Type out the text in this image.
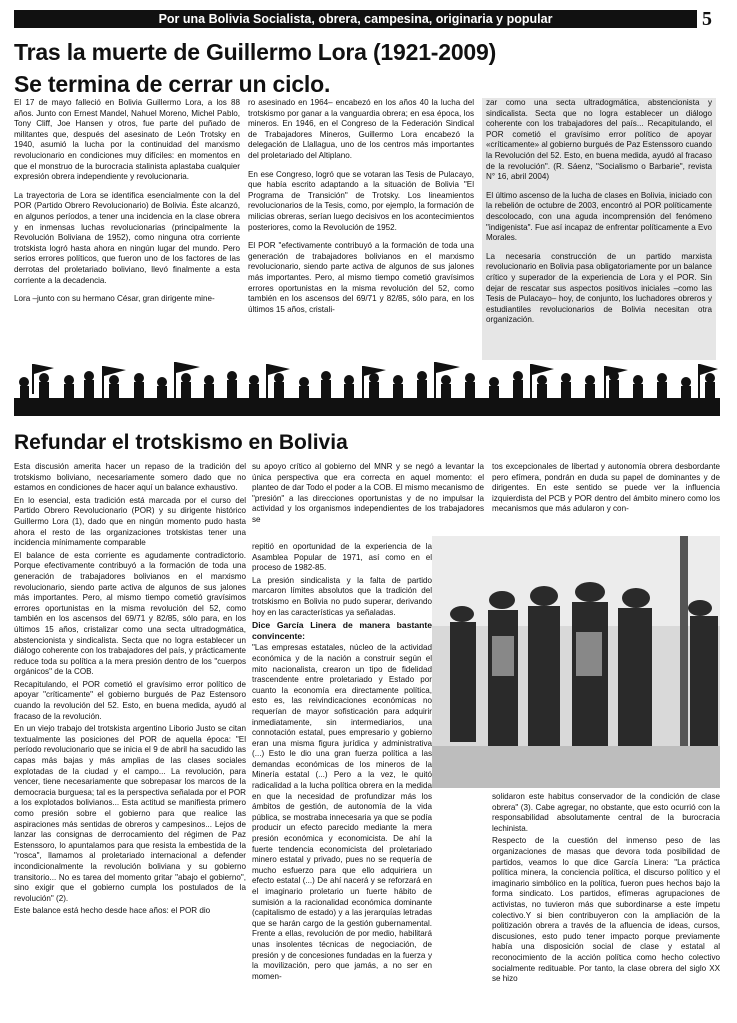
Por una Bolivia Socialista, obrera, campesina, originaria y popular	5
Tras la muerte de Guillermo Lora (1921-2009)
Se termina de cerrar un ciclo.

El 17 de mayo falleció en Bolivia Guillermo Lora, a los 88 años. Junto con Ernest Mandel, Nahuel Moreno, Michel Pablo, Tony Cliff, Joe Hansen y otros, fue parte del puñado de militantes que, después del asesinato de León Trotsky en 1940, asumió la lucha por la continuidad del marxismo revolucionario en condiciones muy difíciles: en momentos en que el monstruo de la burocracia stalinista aplastaba cualquier expresión obrera independiente y revolucionaria.

La trayectoria de Lora se identifica esencialmente con la del POR (Partido Obrero Revolucionario) de Bolivia. Éste alcanzó, en algunos períodos, a tener una incidencia en la clase obrera y en inmensas luchas revolucionarias (principalmente la Revolución Boliviana de 1952), como ninguna otra corriente trotskista logró hasta ahora en ningún lugar del mundo. Pero serios errores políticos, que fueron uno de los factores de las derrotas del proletariado boliviano, llevó finalmente a esta corriente a la decadencia.

Lora –junto con su hermano César, gran dirigente mine-

ro asesinado en 1964– encabezó en los años 40 la lucha del trotskismo por ganar a la vanguardia obrera; en esa época, los mineros. En 1946, en el Congreso de la Federación Sindical de Trabajadores Mineros, Guillermo Lora encabezó la delegación de Llallagua, uno de los centros más importantes del proletariado del Altiplano.

En ese Congreso, logró que se votaran las Tesis de Pulacayo, que había escrito adaptando a la situación de Bolivia "El Programa de Transición" de Trotsky. Los lineamientos revolucionarios de la Tesis, como, por ejemplo, la formación de milicias obreras, serían luego decisivos en los acontecimientos posteriores, como la Revolución de 1952.

El POR "efectivamente contribuyó a la formación de toda una generación de trabajadores bolivianos en el marxismo revolucionario, siendo parte activa de algunos de sus jalones más importantes. Pero, al mismo tiempo cometió gravísimos errores oportunistas en la misma revolución del 52, como también en los ascensos del 69/71 y 82/85, sólo para, en los últimos 15 años, cristali-

zar como una secta ultradogmática, abstencionista y sindicalista. Secta que no logra establecer un diálogo coherente con los trabajadores del país... Recapitulando, el POR cometió el gravísimo error político de apoyar «críticamente» al gobierno burgués de Paz Estenssoro cuando la Revolución del 52. Esto, en buena medida, ayudó al fracaso de la revolución". (R. Sáenz, "Socialismo o Barbarie", revista N° 16, abril 2004)

El último ascenso de la lucha de clases en Bolivia, iniciado con la rebelión de octubre de 2003, encontró al POR políticamente descolocado, con una aguda incomprensión del fenómeno "indigenista". Fue así incapaz de enfrentar políticamente a Evo Morales.

La necesaria construcción de un partido marxista revolucionario en Bolivia pasa obligatoriamente por un balance crítico y superador de la experiencia de Lora y el POR. Sin dejar de rescatar sus aspectos positivos iniciales –como las Tesis de Pulacayo– hoy, de conjunto, los luchadores obreros y estudiantiles revolucionarios de Bolivia necesitan otra organización.

Refundar el trotskismo en Bolivia

Esta discusión amerita hacer un repaso de la tradición del trotskismo boliviano, necesariamente somero dado que no estamos en condiciones de hacer aquí un balance exhaustivo.

En lo esencial, esta tradición está marcada por el curso del Partido Obrero Revolucionario (POR) y su dirigente histórico Guillermo Lora (1), dado que en ningún momento pudo hasta ahora el resto de las organizaciones trotskistas tener una incidencia mínimamente comparable

El balance de esta corriente es agudamente contradictorio. Porque efectivamente contribuyó a la formación de toda una generación de trabajadores bolivianos en el marxismo revolucionario, siendo parte activa de algunos de sus jalones más importantes. Pero, al mismo tiempo cometió gravísimos errores oportunistas en la misma revolución del 52, como también en los ascensos del 69/71 y 82/85, sólo para, en los últimos 15 años, cristalizar como una secta ultradogmática, abstencionista y sindicalista. Secta que no logra establecer un diálogo coherente con los trabajadores del país, y prácticamente reduce toda su política a la mera presión dentro de los "cuerpos orgánicos" de la COB.

Recapitulando, el POR cometió el gravísimo error político de apoyar "críticamente" el gobierno burgués de Paz Estensoro cuando la revolución del 52. Esto, en buena medida, ayudó al fracaso de la revolución.

En un viejo trabajo del trotskista argentino Liborio Justo se citan textualmente las posiciones del POR de aquella época: "El período revolucionario que se inicia el 9 de abril ha sacudido las capas más bajas y más amplias de las clases sociales explotadas de la ciudad y el campo... La revolución, para vencer, tiene necesariamente que sobrepasar los marcos de la democracia burguesa; tal es la perspectiva señalada por el POR a los explotados bolivianos... Esta actitud se manifiesta primero como presión sobre el gobierno para que realice las aspiraciones más sentidas de obreros y campesinos... Lejos de lanzar las consignas de derrocamiento del régimen de Paz Estenssoro, lo apuntalamos para que resista la embestida de la "rosca", llamamos al proletariado internacional a defender incondicionalmente la revolución boliviana y su gobierno transitorio... No es tarea del momento gritar "abajo el gobierno", sino exigir que el gobierno cumpla los postulados de la revolución" (2).

Este balance está hecho desde hace años: el POR dio

su apoyo crítico al gobierno del MNR y se negó a levantar la única perspectiva que era correcta en aquel momento: el planteo de dar Todo el poder a la COB. El mismo mecanismo de "presión" a las direcciones oportunistas y de no impulsar la actividad y los organismos independientes de los trabajadores se

repitió en oportunidad de la experiencia de la Asamblea Popular de 1971, así como en el proceso de 1982-85.

La presión sindicalista y la falta de partido marcaron límites absolutos que la tradición del trotskismo en Bolivia no pudo superar, derivando hoy en las características ya señaladas.

Dice García Linera de manera bastante convincente:

"Las empresas estatales, núcleo de la actividad económica y de la nación a construir según el mito nacionalista, crearon un tipo de fidelidad trascendente entre proletariado y Estado por cuanto la economía era directamente política, esto es, las reivindicaciones económicas no requerían de mayor sofisticación para adquirir inmediatamente, sin intermediarios, una connotación estatal, pues empresario y gobierno eran una misma figura jurídica y administrativa (...) Esto le dio una gran fuerza política a las demandas económicas de los mineros de la Minería estatal (...) Pero a la vez, le quitó radicalidad a la lucha política obrera en la medida en que la necesidad de profundizar más los ámbitos de gestión, de autonomía de la vida pública, se mostraba innecesaria ya que se podía producir un efecto parecido mediante la mera presión económica y economicista. De ahí la fuerte tendencia economicista del proletariado minero estatal y privado, pues no se requería de mucho esfuerzo para que ello adquiriera un efecto estatal (...) De ahí nacerá y se reforzará en el imaginario proletario un fuerte hábito de sumisión a la racionalidad económica dominante (capitalismo de estado) y a las jerarquías letradas que se harán cargo de la gestión gubernamental. Frente a ellas, revolución de por medio, habilitará unas insolentes técnicas de negociación, de presión y de concesiones fundadas en la fuerza y la movilización, pero que jamás, a no ser en momen-

tos excepcionales de libertad y autonomía obrera desbordante pero efímera, pondrán en duda su papel de dominantes y de dirigentes. En este sentido se puede ver la influencia izquierdista del PCB y POR dentro del ámbito minero como los mecanismos que más adularon y con-

solidaron este habitus conservador de la condición de clase obrera" (3). Cabe agregar, no obstante, que esto ocurrió con la responsabilidad absolutamente central de la burocracia lechinista.

Respecto de la cuestión del inmenso peso de las organizaciones de masas que devora toda posibilidad de partidos, veamos lo que dice García Linera: "La práctica política minera, la conciencia política, el discurso político y el imaginario simbólico en la política, fueron pues hechos bajo la forma sindicato. Los partidos, efímeras agrupaciones de activistas, no tuvieron más que subordinarse a este ímpetu colectivo.Y si bien contribuyeron con la ampliación de la politización obrera a través de la afluencia de ideas, cursos, discusiones, esto pudo tener impacto porque previamente había una disposición social de clase y estatal al reconocimiento de la acción política como hecho colectivo socialmente redituable. Por tanto, la clase obrera del siglo XX se hizo
